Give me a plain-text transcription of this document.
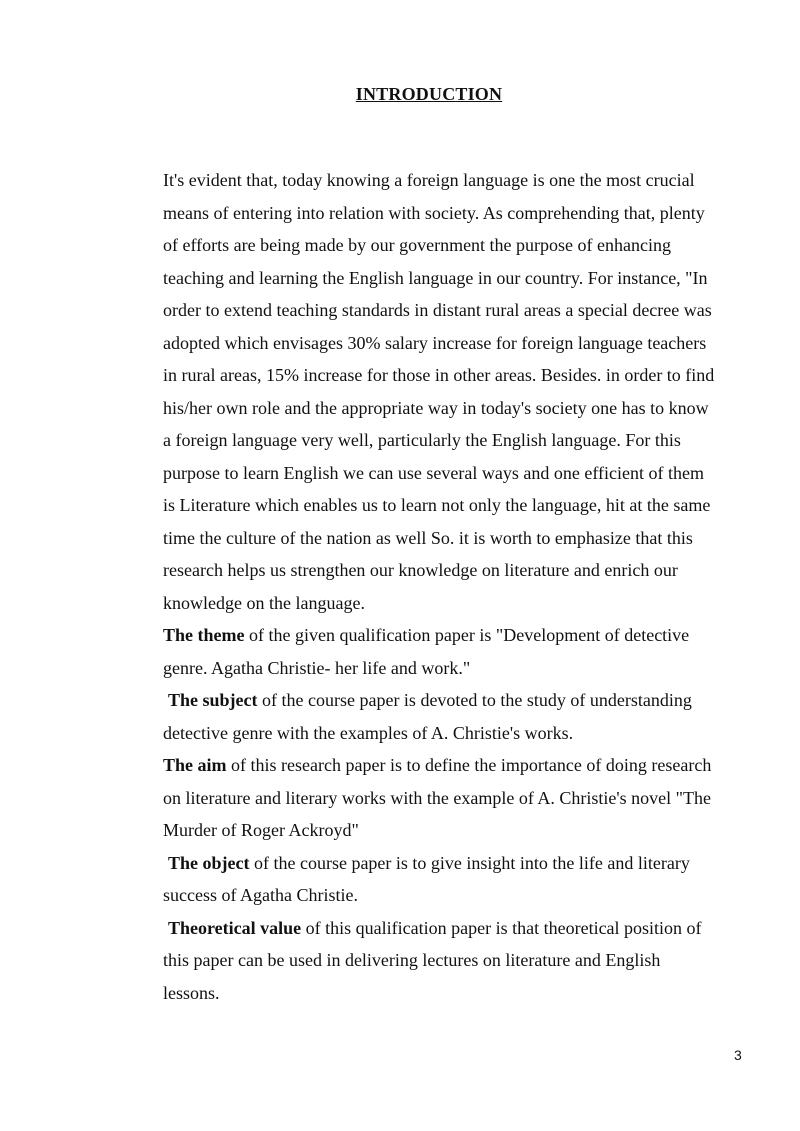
INTRODUCTION
It's evident that, today knowing a foreign language is one the most crucial
means of entering into relation with society. As comprehending that, plenty
of efforts are being made by our government the purpose of enhancing
teaching and learning the English language in our country. For instance, "In
order to extend teaching standards in distant rural areas a special decree was
adopted which envisages 30% salary increase for foreign language teachers
in rural areas, 15% increase for those in other areas. Besides. in order to find
his/her own role and the appropriate way in today's society one has to know
a foreign language very well, particularly the English language. For this
purpose to learn English we can use several ways and one efficient of them
is Literature which enables us to learn not only the language, hit at the same
time the culture of the nation as well So. it is worth to emphasize that this
research helps us strengthen our knowledge on literature and enrich our
knowledge on the language.
The theme of the given qualification paper is "Development of detective
genre. Agatha Christie- her life and work."
The subject of the course paper is devoted to the study of understanding
detective genre with the examples of A. Christie's works.
The aim of this research paper is to define the importance of doing research
on literature and literary works with the example of A. Christie's novel "The
Murder of Roger Ackroyd"
The object of the course paper is to give insight into the life and literary
success of Agatha Christie.
Theoretical value of this qualification paper is that theoretical position of
this paper can be used in delivering lectures on literature and English
lessons.
3
